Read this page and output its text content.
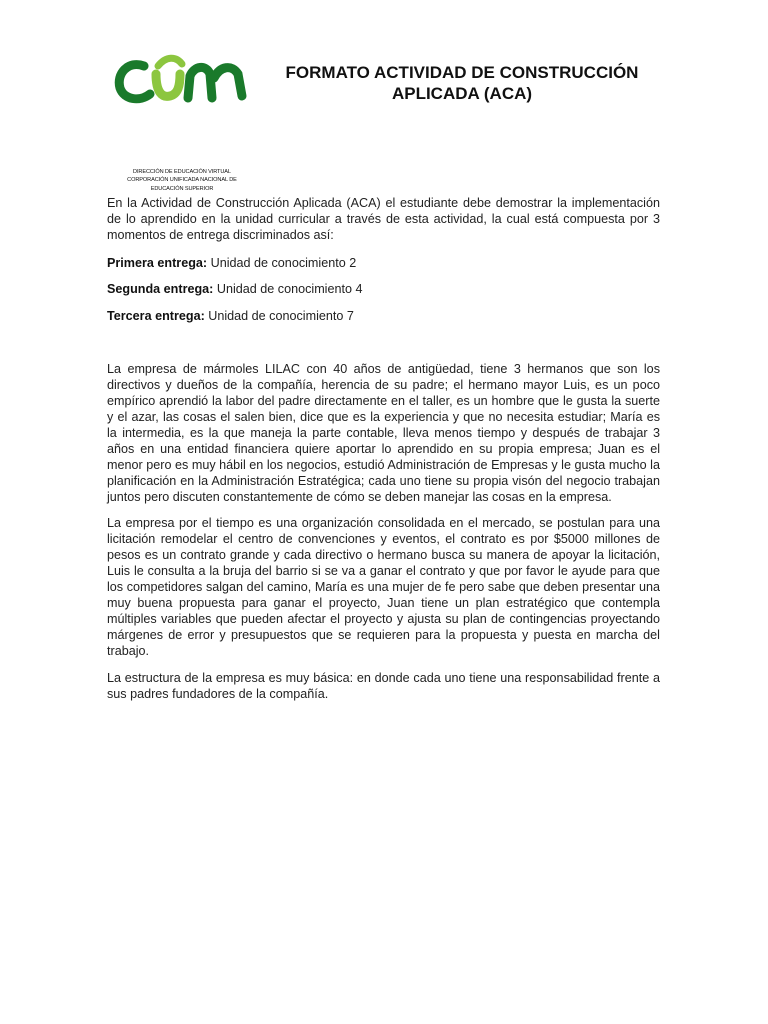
FORMATO ACTIVIDAD DE CONSTRUCCIÓN
APLICADA (ACA)
DIRECCIÓN DE EDUCACIÓN VIRTUAL
CORPORACIÓN UNIFICADA NACIONAL DE
EDUCACIÓN SUPERIOR

En la Actividad de Construcción Aplicada (ACA) el estudiante debe demostrar la implementación de lo aprendido en la unidad curricular a través de esta actividad, la cual está compuesta por 3 momentos de entrega discriminados así:

Primera entrega: Unidad de conocimiento 2

Segunda entrega: Unidad de conocimiento 4

Tercera entrega: Unidad de conocimiento 7

La empresa de mármoles LILAC con 40 años de antigüedad, tiene 3 hermanos que son los directivos y dueños de la compañía, herencia de su padre; el hermano mayor Luis, es un poco empírico aprendió la labor del padre directamente en el taller, es un hombre que le gusta la suerte y el azar, las cosas el salen bien, dice que es la experiencia y que no necesita estudiar; María es la intermedia, es la que maneja la parte contable, lleva menos tiempo y después de trabajar 3 años en una entidad financiera quiere aportar lo aprendido en su propia empresa; Juan es el menor pero es muy hábil en los negocios, estudió Administración de Empresas y le gusta mucho la planificación en la Administración Estratégica; cada uno tiene su propia visón del negocio trabajan juntos pero discuten constantemente de cómo se deben manejar las cosas en la empresa.

La empresa por el tiempo es una organización consolidada en el mercado, se postulan para una licitación remodelar el centro de convenciones y eventos, el contrato es por $5000 millones de pesos es un contrato grande y cada directivo o hermano busca su manera de apoyar la licitación, Luis le consulta a la bruja del barrio si se va a ganar el contrato y que por favor le ayude para que los competidores salgan del camino, María es una mujer de fe pero sabe que deben presentar una muy buena propuesta para ganar el proyecto, Juan tiene un plan estratégico que contempla múltiples variables que pueden afectar el proyecto y ajusta su plan de contingencias proyectando márgenes de error y presupuestos que se requieren para la propuesta y puesta en marcha del trabajo.

La estructura de la empresa es muy básica: en donde cada uno tiene una responsabilidad frente a sus padres fundadores de la compañía.
